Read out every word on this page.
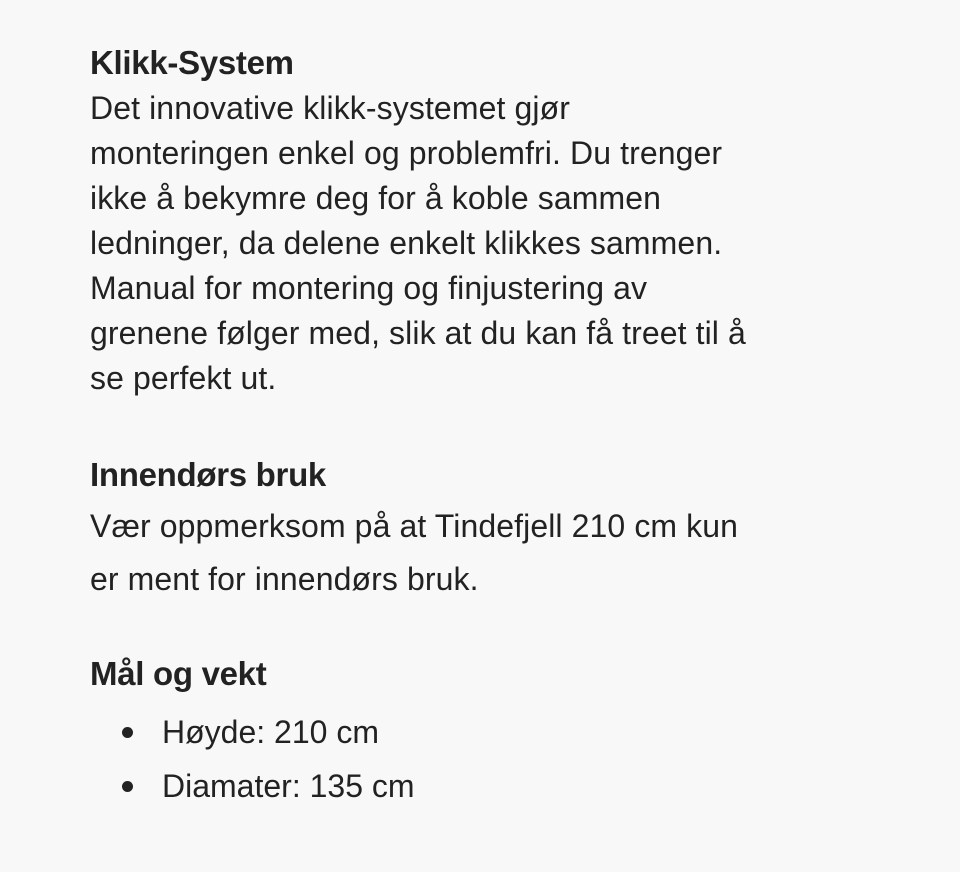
Klikk-System
Det innovative klikk-systemet gjør
monteringen enkel og problemfri. Du trenger
ikke å bekymre deg for å koble sammen
ledninger, da delene enkelt klikkes sammen.
Manual for montering og finjustering av
grenene følger med, slik at du kan få treet til å
se perfekt ut.
Innendørs bruk
Vær oppmerksom på at Tindefjell 210 cm kun
er ment for innendørs bruk.
Mål og vekt
Høyde: 210 cm
Diamater: 135 cm
